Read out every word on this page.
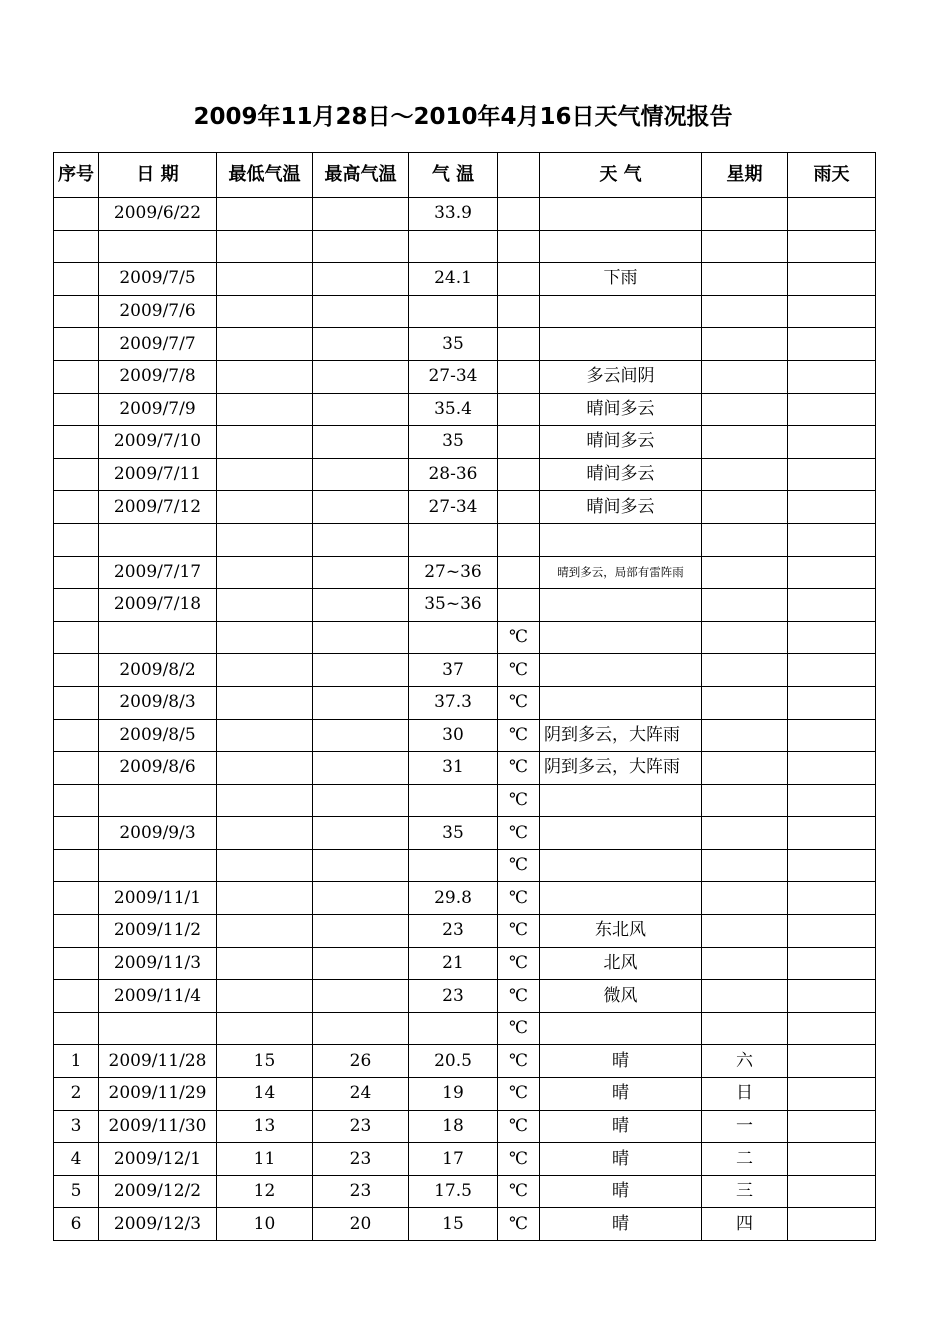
2009年11月28日～2010年4月16日天气情况报告
序号	日 期	最低气温	最高气温	气 温		天 气	星期	雨天
	2009/6/22			33.9				

	2009/7/5			24.1		下雨		
	2009/7/6							
	2009/7/7			35				
	2009/7/8			27-34		多云间阴		
	2009/7/9			35.4		晴间多云		
	2009/7/10			35		晴间多云		
	2009/7/11			28-36		晴间多云		
	2009/7/12			27-34		晴间多云		

	2009/7/17			27~36		晴到多云，局部有雷阵雨		
	2009/7/18			35~36				
					℃			
	2009/8/2			37	℃			
	2009/8/3			37.3	℃			
	2009/8/5			30	℃	阴到多云，大阵雨		
	2009/8/6			31	℃	阴到多云，大阵雨		
					℃			
	2009/9/3			35	℃			
					℃			
	2009/11/1			29.8	℃			
	2009/11/2			23	℃	东北风		
	2009/11/3			21	℃	北风		
	2009/11/4			23	℃	微风		
					℃			
1	2009/11/28	15	26	20.5	℃	晴	六	
2	2009/11/29	14	24	19	℃	晴	日	
3	2009/11/30	13	23	18	℃	晴	一	
4	2009/12/1	11	23	17	℃	晴	二	
5	2009/12/2	12	23	17.5	℃	晴	三	
6	2009/12/3	10	20	15	℃	晴	四	
